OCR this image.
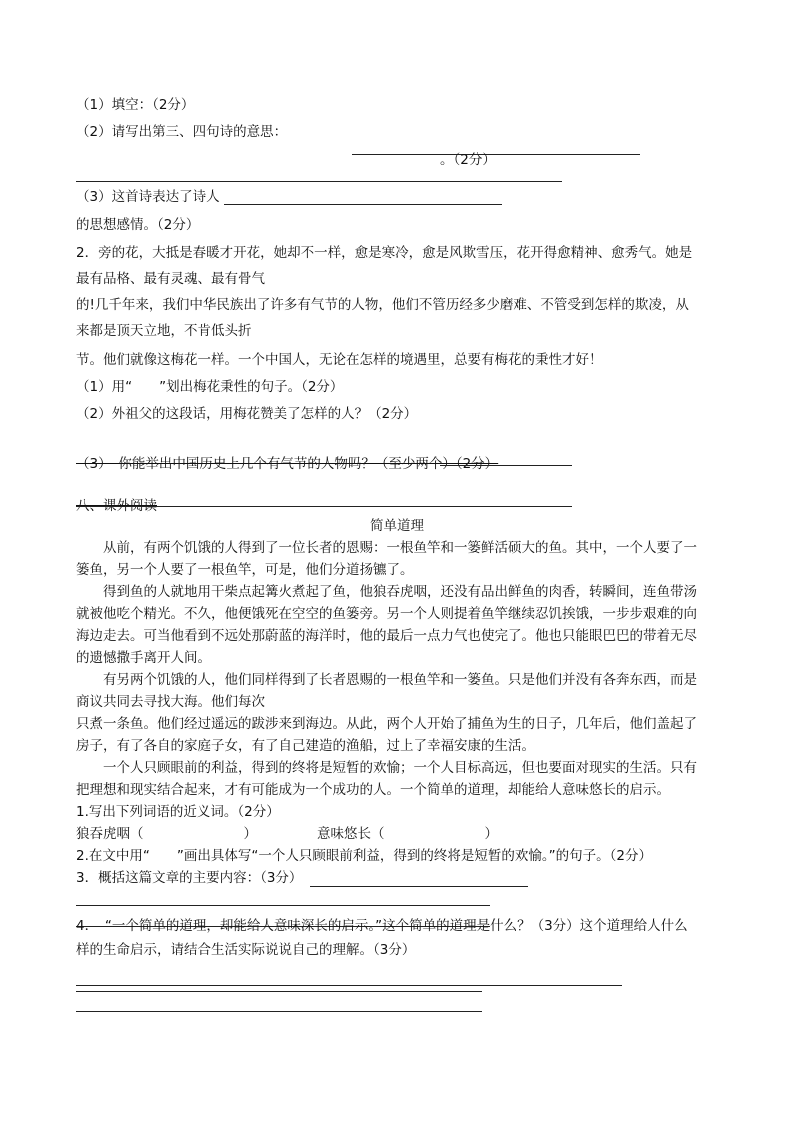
（1）填空：（2分）
（2）请写出第三、四句诗的意思：
。（2分）
（3）这首诗表达了诗人
的思想感情。（2分）
2．旁的花，大抵是春暖才开花，她却不一样，愈是寒冷，愈是风欺雪压，花开得愈精神、愈秀气。她是
最有品格、最有灵魂、最有骨气
的!几千年来，我们中华民族出了许多有气节的人物，他们不管历经多少磨难、不管受到怎样的欺凌，从
来都是顶天立地，不肯低头折
节。他们就像这梅花一样。一个中国人，无论在怎样的境遇里，总要有梅花的秉性才好！
（1）用“　　”划出梅花秉性的句子。（2分）
（2）外祖父的这段话，用梅花赞美了怎样的人？（2分）
（3）　你能举出中国历史上几个有气节的人物吗？（至少两个）（2分）
八、课外阅读
简单道理
　　从前，有两个饥饿的人得到了一位长者的恩赐：一根鱼竿和一篓鲜活硕大的鱼。其中，一个人要了一
篓鱼，另一个人要了一根鱼竿，可是，他们分道扬镳了。
　　得到鱼的人就地用干柴点起篝火煮起了鱼，他狼吞虎咽，还没有品出鲜鱼的肉香，转瞬间，连鱼带汤
就被他吃个精光。不久，他便饿死在空空的鱼篓旁。另一个人则提着鱼竿继续忍饥挨饿，一步步艰难的向
海边走去。可当他看到不远处那蔚蓝的海洋时，他的最后一点力气也使完了。他也只能眼巴巴的带着无尽
的遗憾撒手离开人间。
　　有另两个饥饿的人，他们同样得到了长者恩赐的一根鱼竿和一篓鱼。只是他们并没有各奔东西，而是
商议共同去寻找大海。他们每次
只煮一条鱼。他们经过遥远的跋涉来到海边。从此，两个人开始了捕鱼为生的日子，几年后，他们盖起了
房子，有了各自的家庭子女，有了自己建造的渔船，过上了幸福安康的生活。
　　一个人只顾眼前的利益，得到的终将是短暂的欢愉；一个人目标高远，但也要面对现实的生活。只有
把理想和现实结合起来，才有可能成为一个成功的人。一个简单的道理，却能给人意味悠长的启示。
1.写出下列词语的近义词。（2分）
狼吞虎咽（	）	意味悠长（	）
2.在文中用“　　”画出具体写“一个人只顾眼前利益，得到的终将是短暂的欢愉。”的句子。（2分）
3．概括这篇文章的主要内容：（3分）
4．　“一个简单的道理，却能给人意味深长的启示。”这个简单的道理是什么？（3分）这个道理给人什么
样的生命启示，请结合生活实际说说自己的理解。（3分）
